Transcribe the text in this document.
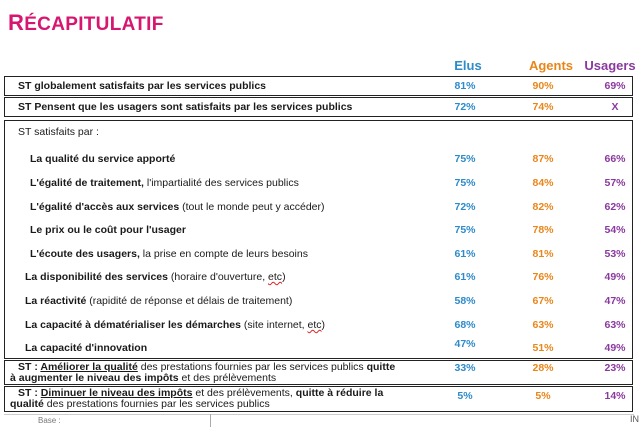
RÉCAPITULATIF
Elus	Agents Usagers
ST globalement satisfaits par les services publics	81%	90%	69%
ST Pensent que les usagers sont satisfaits par les services publics	72%	74%	X
ST satisfaits par :
La qualité du service apporté	75%	87%	66%
L'égalité de traitement, l'impartialité des services publics	75%	84%	57%
L'égalité d'accès aux services (tout le monde peut y accéder)	72%	82%	62%
Le prix ou le coût pour l'usager	75%	78%	54%
L'écoute des usagers, la prise en compte de leurs besoins	61%	81%	53%
La disponibilité des services (horaire d'ouverture, etc)	61%	76%	49%
La réactivité (rapidité de réponse et délais de traitement)	58%	67%	47%
La capacité à dématérialiser les démarches (site internet, etc)	68%	63%	63%
La capacité d'innovation	47%	51%	49%
ST : Améliorer la qualité des prestations fournies par les services publics quitte
à augmenter le niveau des impôts et des prélèvements
33%	28%	23%
ST : Diminuer le niveau des impôts et des prélèvements, quitte à réduire la
qualité des prestations fournies par les services publics
5%	5%	14%
Base :	IN
